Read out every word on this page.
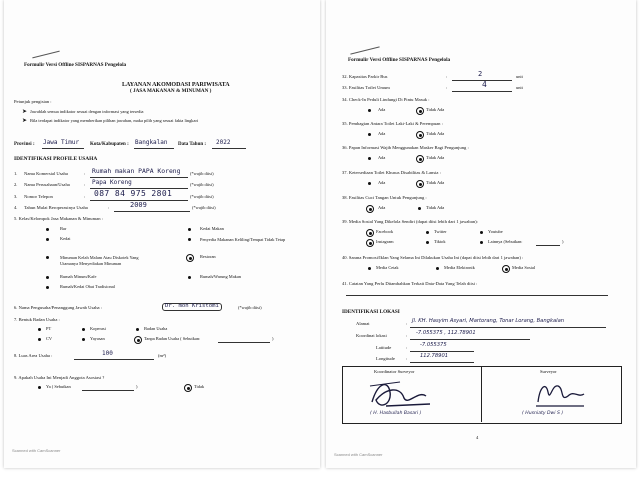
Formulir Versi Offline SISPARNAS Pengelola
LAYANAN AKOMODASI PARIWISATA
( JASA MAKANAN & MINUMAN )
Petunjuk pengisian :
➤ Jawablah semua indikator sesuai dengan informasi yang tersedia
➤ Bila terdapat indikator yang memberikan pilihan jawaban, maka pilih yang sesuai fakta lingkari
Provinsi : Jawa Timur Kota/Kabupaten : Bangkalan Data Tahun : 2022
IDENTIFIKASI PROFILE USAHA
1. Nama Komersial Usaha	: Rumah makan PAPA Koreng (*wajib diisi)
2. Nama Perusahaan/Usaha	: Papa Koreng	(*wajib diisi)
3. Nomor Telepon	: 087 84 975 2801	(*wajib diisi)
4. Tahun Mulai Beroperasinya Usaha	:	2009	(*wajib diisi)
5. Kelas/Kelompok Jasa Makanan & Minuman :
Bar
Kedai
Minuman Kelah Malam Atau Diskotek Yang Utamanya Menyediakan Minuman
Rumah Minum/Kafe
Rumah/Kedai Obat Tradisional
Kedai Makan
Penyedia Makanan Keliling/Tempat Tidak Tetap
Restoran
Rumah/Warung Makan
6. Nama Pengusaha/Penanggung Jawab Usaha :	Dr. moh Kristomi	(*wajib diisi)
7. Bentuk Badan Usaha :
PT	Koperasi	Badan Usaha
CV	Yayasan	Tanpa Badan Usaha ( Sebutkan:	)
8. Luas Area Usaha :	100	(m²)
9. Apakah Usaha Ini Menjadi Anggota Asosiasi ?
Ya ( Sebutkan	)	Tidak
Scanned with CamScanner
Formulir Versi Offline SISPARNAS Pengelola
32. Kapasitas Parkir Bus	:	2	unit
33. Fasilitas Toilet Umum	:	4	unit
34. Check-In Peduli Lindungi Di Pintu Masuk :
Ada	Tidak Ada
35. Pembagian Antara Toilet Laki-Laki & Perempuan :
Ada	Tidak Ada
36. Papan Informasi Wajib Menggunakan Masker Bagi Pengunjung :
Ada	Tidak Ada
37. Ketersediaan Toilet Khusus Disabilitas & Lansia :
Ada	Tidak Ada
38. Fasilitas Cuci Tangan Untuk Pengunjung :
Ada	Tidak Ada
39. Media Sosial Yang Dikelola Sendiri (dapat diisi lebih dari 1 jawaban):
Facebook	Twitter	Youtube
Instagram	Tiktok	Lainnya (Sebutkan:	)
40. Sarana Promosi/Iklan Yang Selama Ini Dilakukan Usaha Ini (dapat diisi lebih dari 1 jawaban) :
Media Cetak	Media Elektronik	Media Sosial
41. Catatan Yang Perlu Ditambahkan Terkait Data-Data Yang Telah diisi :
IDENTIFIKASI LOKASI
Alamat	: Jl. KH. Hasyim Asyari, Martorang, Tonar Lorang, Bangkalan
Koordinat lokasi	: -7.055375 , 112.78901
Latitude	: -7.055375
Longitude : 112.78901
Koordinator Surveyor	Surveyor
( H. Hasbullah Basari )	( Husniaty Dwi S )
4
Scanned with CamScanner
